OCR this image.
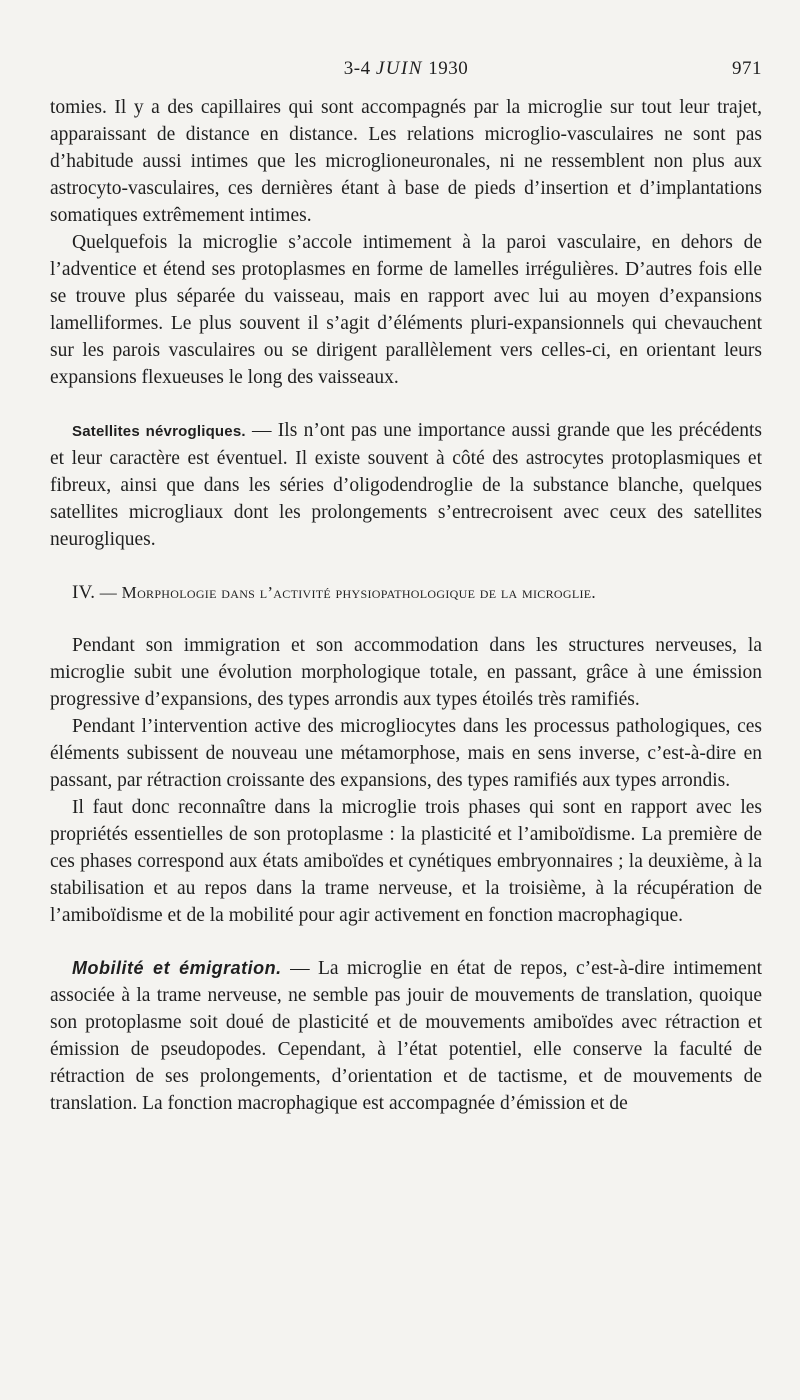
3-4 JUIN 1930	971

tomies. Il y a des capillaires qui sont accompagnés par la microglie sur tout leur trajet, apparaissant de distance en distance. Les relations microglio-vasculaires ne sont pas d’habitude aussi intimes que les microglioneuronales, ni ne ressemblent non plus aux astrocyto-vasculaires, ces dernières étant à base de pieds d’insertion et d’implantations somatiques extrêmement intimes.

Quelquefois la microglie s’accole intimement à la paroi vasculaire, en dehors de l’adventice et étend ses protoplasmes en forme de lamelles irrégulières. D’autres fois elle se trouve plus séparée du vaisseau, mais en rapport avec lui au moyen d’expansions lamelliformes. Le plus souvent il s’agit d’éléments pluri-expansionnels qui chevauchent sur les parois vasculaires ou se dirigent parallèlement vers celles-ci, en orientant leurs expansions flexueuses le long des vaisseaux.

Satellites névrogliques. — Ils n’ont pas une importance aussi grande que les précédents et leur caractère est éventuel. Il existe souvent à côté des astrocytes protoplasmiques et fibreux, ainsi que dans les séries d’oligodendroglie de la substance blanche, quelques satellites microgliaux dont les prolongements s’entrecroisent avec ceux des satellites neurogliques.

IV. — Morphologie dans l’activité physiopathologique de la microglie.

Pendant son immigration et son accommodation dans les structures nerveuses, la microglie subit une évolution morphologique totale, en passant, grâce à une émission progressive d’expansions, des types arrondis aux types étoilés très ramifiés.

Pendant l’intervention active des microgliocytes dans les processus pathologiques, ces éléments subissent de nouveau une métamorphose, mais en sens inverse, c’est-à-dire en passant, par rétraction croissante des expansions, des types ramifiés aux types arrondis.

Il faut donc reconnaître dans la microglie trois phases qui sont en rapport avec les propriétés essentielles de son protoplasme : la plasticité et l’amiboïdisme. La première de ces phases correspond aux états amiboïdes et cynétiques embryonnaires ; la deuxième, à la stabilisation et au repos dans la trame nerveuse, et la troisième, à la récupération de l’amiboïdisme et de la mobilité pour agir activement en fonction macrophagique.

Mobilité et émigration. — La microglie en état de repos, c’est-à-dire intimement associée à la trame nerveuse, ne semble pas jouir de mouvements de translation, quoique son protoplasme soit doué de plasticité et de mouvements amiboïdes avec rétraction et émission de pseudopodes. Cependant, à l’état potentiel, elle conserve la faculté de rétraction de ses prolongements, d’orientation et de tactisme, et de mouvements de translation. La fonction macrophagique est accompagnée d’émission et de
